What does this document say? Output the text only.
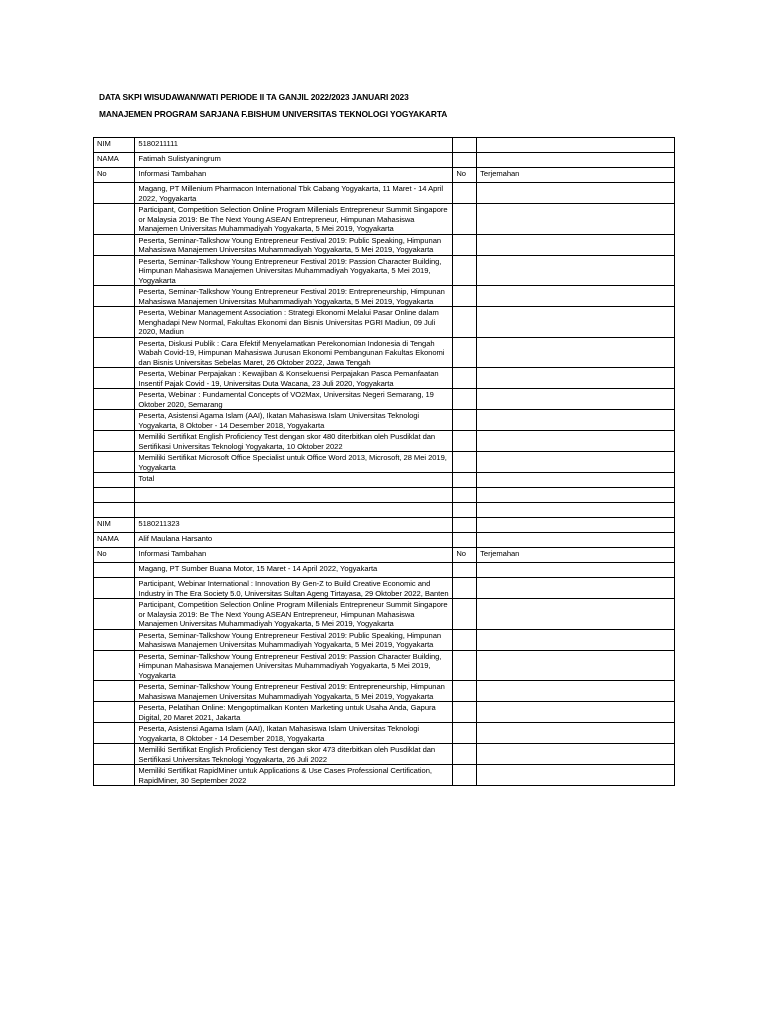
DATA SKPI WISUDAWAN/WATI PERIODE II TA GANJIL 2022/2023 JANUARI 2023
MANAJEMEN PROGRAM SARJANA F.BISHUM UNIVERSITAS TEKNOLOGI YOGYAKARTA
NIM	5180211111		
NAMA	Fatimah Sulistyaningrum		
No	Informasi Tambahan	No	Terjemahan
	Magang, PT Millenium Pharmacon International Tbk Cabang Yogyakarta, 11 Maret - 14 April 2022, Yogyakarta		
	Participant, Competition Selection Online Program Millenials Entrepreneur Summit Singapore or Malaysia 2019: Be The Next Young ASEAN Entrepreneur, Himpunan Mahasiswa Manajemen Universitas Muhammadiyah Yogyakarta, 5 Mei 2019, Yogyakarta		
	Peserta, Seminar-Talkshow Young Entrepreneur Festival 2019: Public Speaking, Himpunan Mahasiswa Manajemen Universitas Muhammadiyah Yogyakarta, 5 Mei 2019, Yogyakarta		
	Peserta, Seminar-Talkshow Young Entrepreneur Festival 2019: Passion Character Building, Himpunan Mahasiswa Manajemen Universitas Muhammadiyah Yogyakarta, 5 Mei 2019, Yogyakarta		
	Peserta, Seminar-Talkshow Young Entrepreneur Festival 2019: Entrepreneurship, Himpunan Mahasiswa Manajemen Universitas Muhammadiyah Yogyakarta, 5 Mei 2019, Yogyakarta		
	Peserta, Webinar Management Association : Strategi Ekonomi Melalui Pasar Online dalam Menghadapi New Normal, Fakultas Ekonomi dan Bisnis Universitas PGRI Madiun, 09 Juli 2020, Madiun		
	Peserta, Diskusi Publik : Cara Efektif Menyelamatkan Perekonomian Indonesia di Tengah Wabah Covid-19, Himpunan Mahasiswa Jurusan Ekonomi Pembangunan Fakultas Ekonomi dan Bisnis Universitas Sebelas Maret, 26 Oktober 2022, Jawa Tengah		
	Peserta, Webinar Perpajakan : Kewajiban & Konsekuensi Perpajakan Pasca Pemanfaatan Insentif Pajak Covid - 19, Universitas Duta Wacana, 23 Juli 2020, Yogyakarta		
	Peserta, Webinar : Fundamental Concepts of VO2Max, Universitas Negeri Semarang, 19 Oktober 2020, Semarang		
	Peserta, Asistensi Agama Islam (AAI), Ikatan Mahasiswa Islam Universitas Teknologi Yogyakarta, 8 Oktober - 14 Desember 2018, Yogyakarta		
	Memiliki Sertifikat English Proficiency Test dengan skor 480 diterbitkan oleh Pusdiklat dan Sertifikasi Universitas Teknologi Yogyakarta, 10 Oktober 2022		
	Memiliki Sertifikat Microsoft Office Specialist untuk Office Word 2013, Microsoft, 28 Mei 2019, Yogyakarta		
	Total		

NIM	5180211323		
NAMA	Alif Maulana Harsanto		
No	Informasi Tambahan	No	Terjemahan
	Magang, PT Sumber Buana Motor, 15 Maret - 14 April 2022, Yogyakarta		
	Participant, Webinar International : Innovation By Gen-Z to Build Creative Economic and Industry in The Era Society 5.0, Universitas Sultan Ageng Tirtayasa, 29 Oktober 2022, Banten		
	Participant, Competition Selection Online Program Millenials Entrepreneur Summit Singapore or Malaysia 2019: Be The Next Young ASEAN Entrepreneur, Himpunan Mahasiswa Manajemen Universitas Muhammadiyah Yogyakarta, 5 Mei 2019, Yogyakarta		
	Peserta, Seminar-Talkshow Young Entrepreneur Festival 2019: Public Speaking, Himpunan Mahasiswa Manajemen Universitas Muhammadiyah Yogyakarta, 5 Mei 2019, Yogyakarta		
	Peserta, Seminar-Talkshow Young Entrepreneur Festival 2019: Passion Character Building, Himpunan Mahasiswa Manajemen Universitas Muhammadiyah Yogyakarta, 5 Mei 2019, Yogyakarta		
	Peserta, Seminar-Talkshow Young Entrepreneur Festival 2019: Entrepreneurship, Himpunan Mahasiswa Manajemen Universitas Muhammadiyah Yogyakarta, 5 Mei 2019, Yogyakarta		
	Peserta, Pelatihan Online: Mengoptimalkan Konten Marketing untuk Usaha Anda, Gapura Digital, 20 Maret 2021, Jakarta		
	Peserta, Asistensi Agama Islam (AAI), Ikatan Mahasiswa Islam Universitas Teknologi Yogyakarta, 8 Oktober - 14 Desember 2018, Yogyakarta		
	Memiliki Sertifikat English Proficiency Test dengan skor 473 diterbitkan oleh Pusdiklat dan Sertifikasi Universitas Teknologi Yogyakarta, 26 Juli 2022		
	Memiliki Sertifikat RapidMiner untuk Applications & Use Cases Professional Certification, RapidMiner, 30 September 2022		
